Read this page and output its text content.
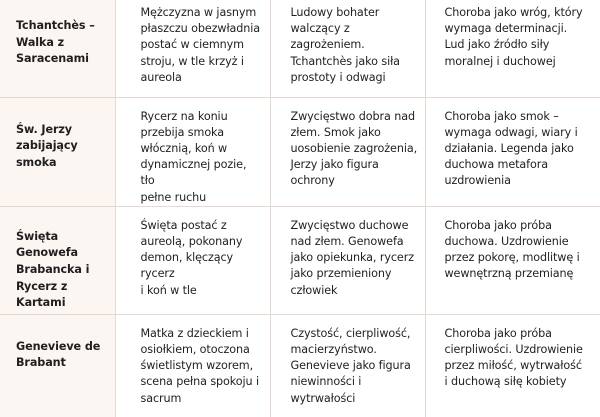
Tchantchès –
Walka z
Saracenami	Mężczyzna w jasnym
płaszczu obezwładnia
postać w ciemnym
stroju, w tle krzyż i
aureola	Ludowy bohater
walczący z zagrożeniem.
Tchantchès jako siła
prostoty i odwagi	Choroba jako wróg, który
wymaga determinacji.
Lud jako źródło siły
moralnej i duchowej

Św. Jerzy
zabijający
smoka	Rycerz na koniu
przebija smoka
włócznią, koń w
dynamicznej pozie, tło
pełne ruchu	Zwycięstwo dobra nad
złem. Smok jako
uosobienie zagrożenia,
Jerzy jako figura ochrony	Choroba jako smok –
wymaga odwagi, wiary i
działania. Legenda jako
duchowa metafora
uzdrowienia

Święta
Genowefa
Brabancka i
Rycerz z Kartami	Święta postać z
aureolą, pokonany
demon, klęczący rycerz
i koń w tle	Zwycięstwo duchowe
nad złem. Genowefa
jako opiekunka, rycerz
jako przemieniony
człowiek	Choroba jako próba
duchowa. Uzdrowienie
przez pokorę, modlitwę i
wewnętrzną przemianę

Genevieve de
Brabant	Matka z dzieckiem i
osiołkiem, otoczona
świetlistym wzorem,
scena pełna spokoju i
sacrum	Czystość, cierpliwość,
macierzyństwo.
Genevieve jako figura
niewinności i
wytrwałości	Choroba jako próba
cierpliwości. Uzdrowienie
przez miłość, wytrwałość
i duchową siłę kobiety
